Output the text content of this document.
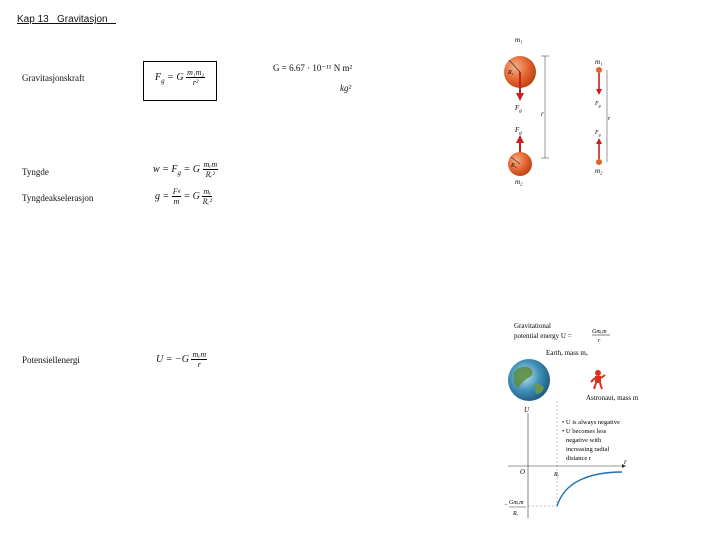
Kap 13   Gravitasjon
Gravitasjonskraft
Tyngde
Tyngdeakselerasjon
Potensiellenergi
$F_g = G \frac{\text{m₁m₂}}{\text{r²}}$	G = 6.67 · 10⁻¹¹ N m²
kg²
$w = F_g = G$ mₑm
Rₑ²
$g = \frac{\text{Fᵍ}}{m} = G \frac{\text{mₑ}}{\text{Rₑ²}}$
U = −G mₑm
r
m₁
R₁
$F_g$	r
$F_g$
R₂
m₂
m₁
$F_g$
r
$F_g$
m₂
Gravitational
potential energy U =	Gmₑm
r
Earth, mass mₑ
Astronaut, mass m
U
r
O	Rₑ
• U is always negative
• U becomes less
negative with
increasing radial
distance r
− Gmₑm
Rₑ
